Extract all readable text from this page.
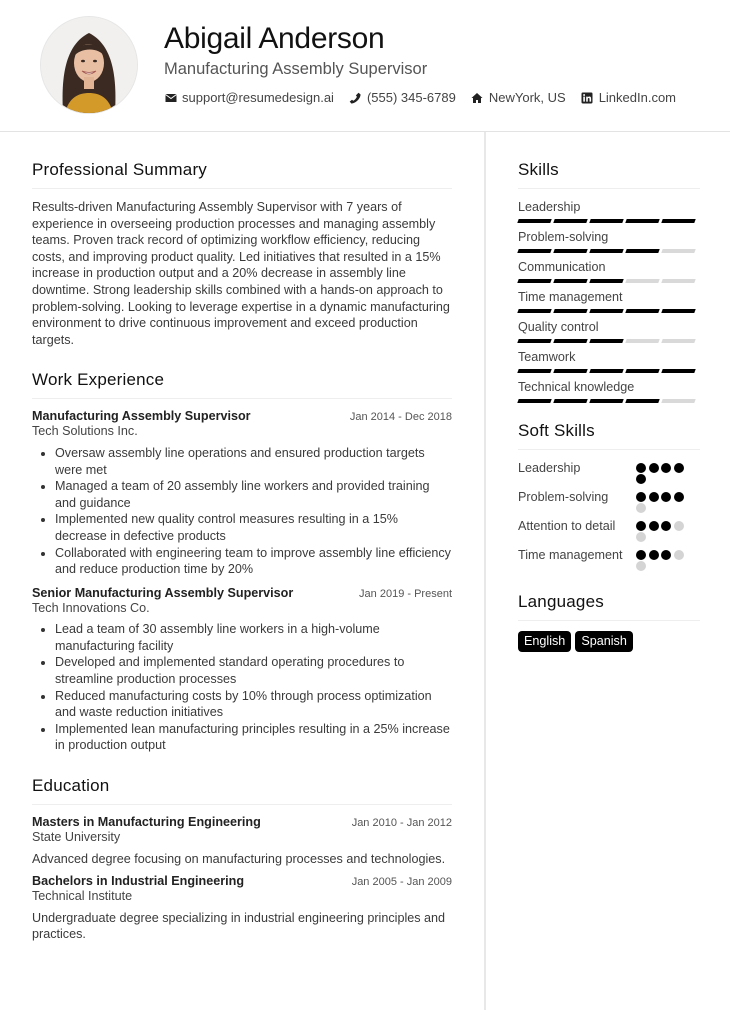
Abigail Anderson
Manufacturing Assembly Supervisor
support@resumedesign.ai	(555) 345-6789	NewYork, US	LinkedIn.com
Professional Summary

Results-driven Manufacturing Assembly Supervisor with 7 years of experience in overseeing production processes and managing assembly teams. Proven track record of optimizing workflow efficiency, reducing costs, and improving product quality. Led initiatives that resulted in a 15% increase in production output and a 20% decrease in assembly line downtime. Strong leadership skills combined with a hands-on approach to problem-solving. Looking to leverage expertise in a dynamic manufacturing environment to drive continuous improvement and exceed production targets.

Work Experience
Manufacturing Assembly Supervisor	Jan 2014 - Dec 2018
Tech Solutions Inc.
Oversaw assembly line operations and ensured production targets were met
Managed a team of 20 assembly line workers and provided training and guidance
Implemented new quality control measures resulting in a 15% decrease in defective products
Collaborated with engineering team to improve assembly line efficiency and reduce production time by 20%
Senior Manufacturing Assembly Supervisor	Jan 2019 - Present
Tech Innovations Co.
Lead a team of 30 assembly line workers in a high-volume manufacturing facility
Developed and implemented standard operating procedures to streamline production processes
Reduced manufacturing costs by 10% through process optimization and waste reduction initiatives
Implemented lean manufacturing principles resulting in a 25% increase in production output
Education
Masters in Manufacturing Engineering	Jan 2010 - Jan 2012
State University

Advanced degree focusing on manufacturing processes and technologies.

Bachelors in Industrial Engineering	Jan 2005 - Jan 2009
Technical Institute

Undergraduate degree specializing in industrial engineering principles and practices.

Skills
Leadership
Problem-solving
Communication
Time management
Quality control
Teamwork
Technical knowledge
Soft Skills
Leadership
Problem-solving
Attention to detail
Time management
Languages
English	Spanish
